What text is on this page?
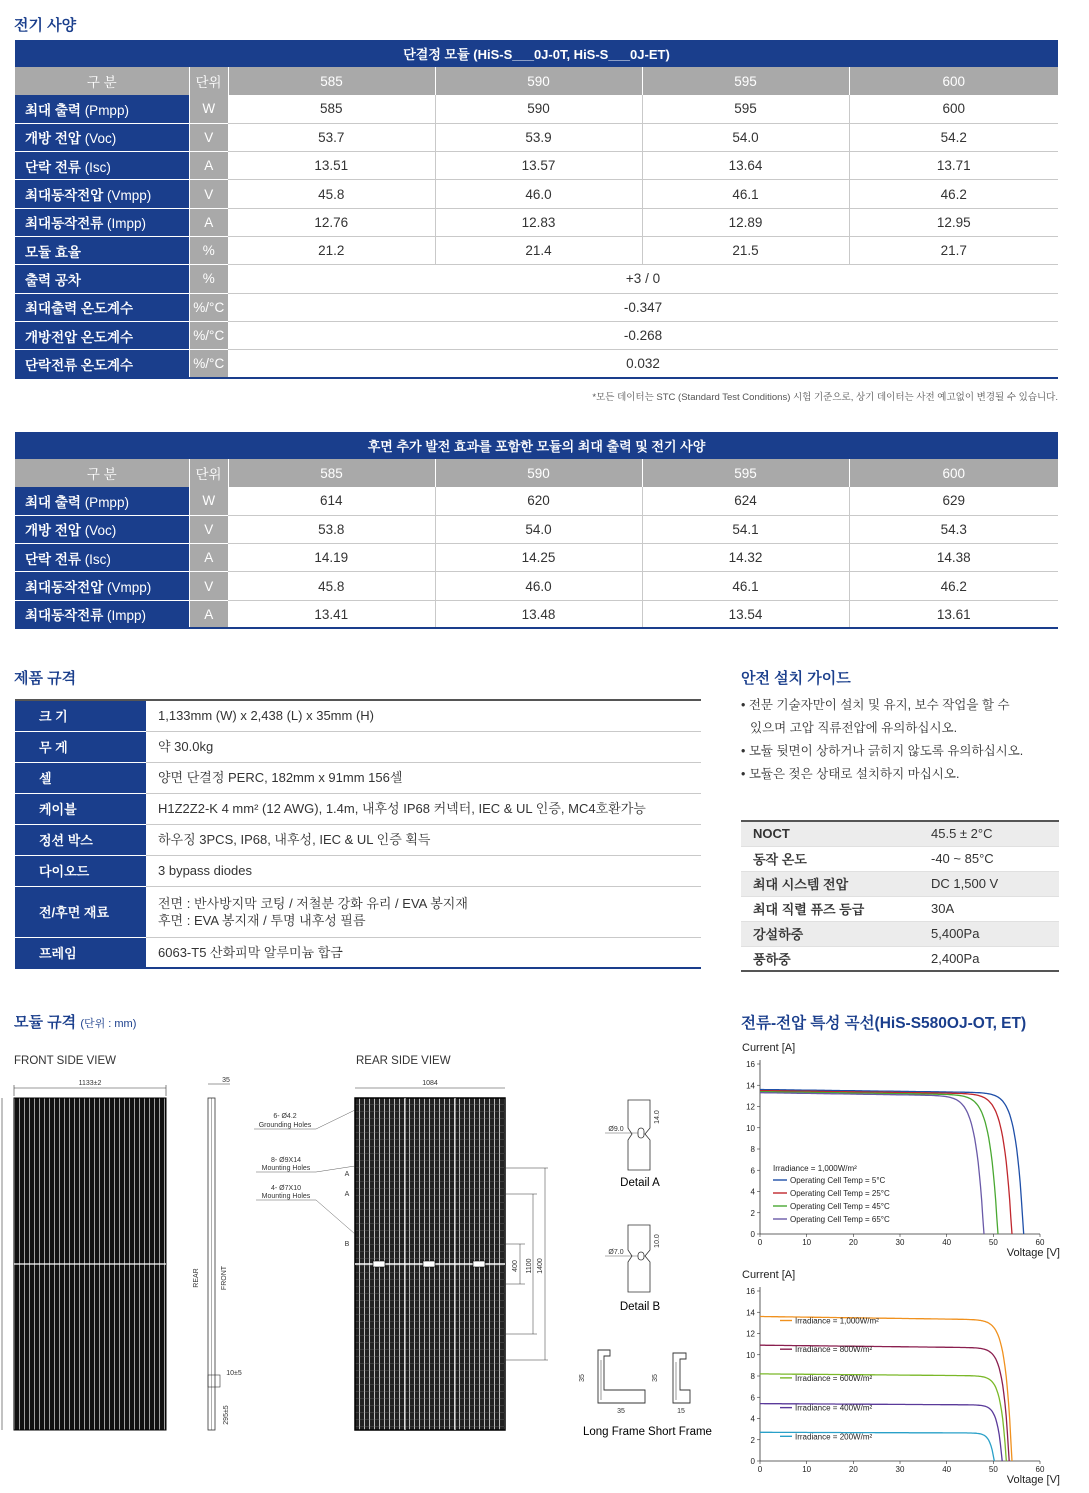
전기 사양
단결정 모듈 (HiS-S___0J-0T, HiS-S___0J-ET)					
구 분	단위	585	590	595	600
최대 출력 (Pmpp)	W	585	590	595	600
개방 전압 (Voc)	V	53.7	53.9	54.0	54.2
단락 전류 (Isc)	A	13.51	13.57	13.64	13.71
최대동작전압 (Vmpp)	V	45.8	46.0	46.1	46.2
최대동작전류 (Impp)	A	12.76	12.83	12.89	12.95
모듈 효율	%	21.2	21.4	21.5	21.7
출력 공차	%	+3 / 0			
최대출력 온도계수	%/°C	-0.347			
개방전압 온도계수	%/°C	-0.268			
단락전류 온도계수	%/°C	0.032			
*모든 데이터는 STC (Standard Test Conditions) 시험 기준으로, 상기 데이터는 사전 예고없이 변경될 수 있습니다.
후면 추가 발전 효과를 포함한 모듈의 최대 출력 및 전기 사양					
구 분	단위	585	590	595	600
최대 출력 (Pmpp)	W	614	620	624	629
개방 전압 (Voc)	V	53.8	54.0	54.1	54.3
단락 전류 (Isc)	A	14.19	14.25	14.32	14.38
최대동작전압 (Vmpp)	V	45.8	46.0	46.1	46.2
최대동작전류 (Impp)	A	13.41	13.48	13.54	13.61
제품 규격
크 기	1,133mm (W) x 2,438 (L) x 35mm (H)

무 게	약 30.0kg

셀	양면 단결정 PERC, 182mm x 91mm 156셀

케이블	H1Z2Z2-K 4 mm² (12 AWG), 1.4m, 내후성 IP68 커넥터, IEC & UL 인증, MC4호환가능

정션 박스	하우징 3PCS, IP68, 내후성, IEC & UL 인증 획득

다이오드	3 bypass diodes

전/후면 재료	전면 : 반사방지막 코팅 / 저철분 강화 유리 / EVA 봉지재
후면 : EVA 봉지재 / 투명 내후성 필름

프레임	6063-T5 산화피막 알루미늄 합금
안전 설치 가이드
• 전문 기술자만이 설치 및 유지, 보수 작업을 할 수
있으며 고압 직류전압에 유의하십시오.
• 모듈 뒷면이 상하거나 긁히지 않도록 유의하십시오.
• 모듈은 젖은 상태로 설치하지 마십시오.
NOCT	45.5 ± 2°C
동작 온도	-40 ~ 85°C
최대 시스템 전압	DC 1,500 V
최대 직렬 퓨즈 등급	30A
강설하중	5,400Pa
풍하중	2,400Pa
모듈 규격 (단위 : mm)
FRONT SIDE VIEW	REAR SIDE VIEW
1133±2	35
REAR	FRONT
10±5
295±5
1084
400 1100 1400
6- Ø4.2
Grounding Holes
8- Ø9X14
Mounting Holes
4- Ø7X10
Mounting Holes
A
A
B
Ø9.0
14.0
Detail A
Ø7.0
10.0
Detail B
35
35
Long Frame
35
15
Short Frame
전류-전압 특성 곡선(HiS-S580OJ-OT, ET)
Current [A]
0
2
4
6
8
10
12
14
16
0	10	20	30	40	50	60
Voltage [V]
Irradiance = 1,000W/m²
Operating Cell Temp = 5°C
Operating Cell Temp = 25°C
Operating Cell Temp = 45°C
Operating Cell Temp = 65°C
Current [A]
0
2
4
6
8
10
12
14
16
0	10	20	30	40	50	60
Voltage [V]
Irradiance = 1,000W/m²
Irradiance = 800W/m²
Irradiance = 600W/m²
Irradiance = 400W/m²
Irradiance = 200W/m²
